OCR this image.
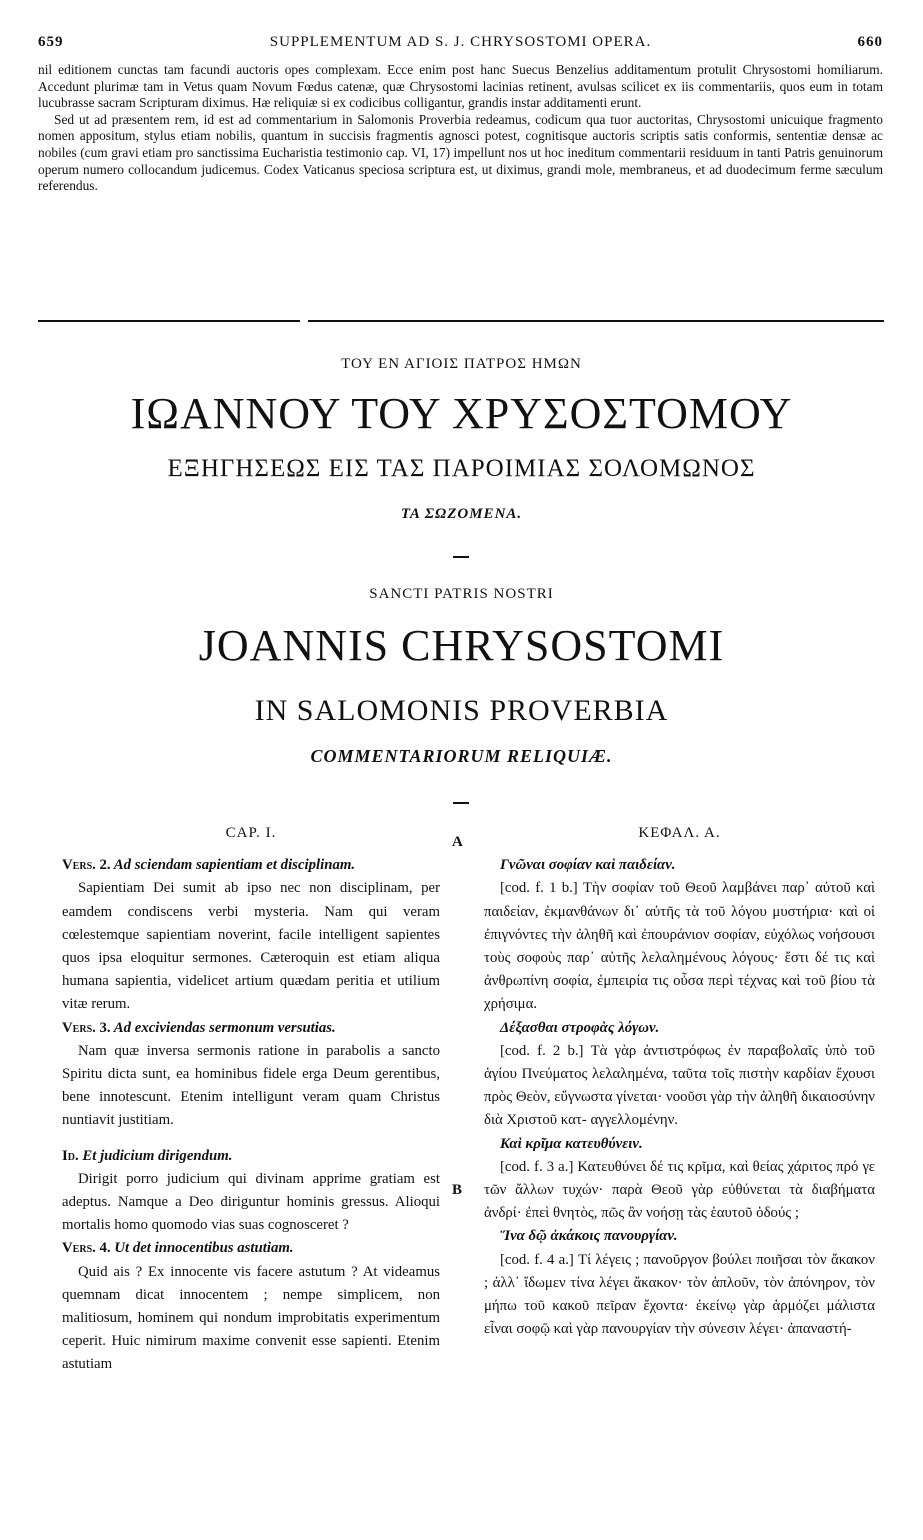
659	SUPPLEMENTUM AD S. J. CHRYSOSTOMI OPERA.	660

nil editionem cunctas tam facundi auctoris opes complexam. Ecce enim post hanc Suecus Benzelius additamentum protulit Chrysostomi homiliarum. Accedunt plurimæ tam in Vetus quam Novum Fœdus catenæ, quæ Chrysostomi lacinias retinent, avulsas scilicet ex iis commentariis, quos eum in totam lucubrasse sacram Scripturam diximus. Hæ reliquiæ si ex codicibus colligantur, grandis instar additamenti erunt.

Sed ut ad præsentem rem, id est ad commentarium in Salomonis Proverbia redeamus, codicum qua tuor auctoritas, Chrysostomi unicuique fragmento nomen appositum, stylus etiam nobilis, quantum in succisis fragmentis agnosci potest, cognitisque auctoris scriptis satis conformis, sententiæ densæ ac nobiles (cum gravi etiam pro sanctissima Eucharistia testimonio cap. VI, 17) impellunt nos ut hoc ineditum commentarii residuum in tanti Patris genuinorum operum numero collocandum judicemus. Codex Vaticanus speciosa scriptura est, ut diximus, grandi mole, membraneus, et ad duodecimum ferme sæculum referendus.

ΤΟΥ ΕΝ ΑΓΙΟΙΣ ΠΑΤΡΟΣ ΗΜΩΝ
ΙΩΑΝΝΟΥ ΤΟΥ ΧΡΥΣΟΣΤΟΜΟΥ
ΕΞΗΓΗΣΕΩΣ ΕΙΣ ΤΑΣ ΠΑΡΟΙΜΙΑΣ ΣΟΛΟΜΩΝΟΣ
ΤΑ ΣΩΖΟΜΕΝΑ.
SANCTI PATRIS NOSTRI
JOANNIS CHRYSOSTOMI
IN SALOMONIS PROVERBIA
COMMENTARIORUM RELIQUIÆ.
CAP. I.

Vers. 2. Ad sciendam sapientiam et disciplinam.

Sapientiam Dei sumit ab ipso nec non disciplinam, per eamdem condiscens verbi mysteria. Nam qui veram cœlestemque sapientiam noverint, facile intelligent sapientes quos ipsa eloquitur sermones. Cæteroquin est etiam aliqua humana sapientia, videlicet artium quædam peritia et utilium vitæ rerum.

Vers. 3. Ad exciviendas sermonum versutias.

Nam quæ inversa sermonis ratione in parabolis a sancto Spiritu dicta sunt, ea hominibus fidele erga Deum gerentibus, bene innotescunt. Etenim intelligunt veram quam Christus nuntiavit justitiam.

Id. Et judicium dirigendum.

Dirigit porro judicium qui divinam apprime gratiam est adeptus. Namque a Deo diriguntur hominis gressus. Alioqui mortalis homo quomodo vias suas cognosceret ?

Vers. 4. Ut det innocentibus astutiam.

Quid ais ? Ex innocente vis facere astutum ? At videamus quemnam dicat innocentem ; nempe simplicem, non malitiosum, hominem qui nondum improbitatis experimentum ceperit. Huic nimirum maxime convenit esse sapienti. Etenim astutiam

A
B
ΚΕΦΑΛ. Α.

Γνῶναι σοφίαν καὶ παιδείαν.

[cod. f. 1 b.] Τὴν σοφίαν τοῦ Θεοῦ λαμβάνει παρ᾽ αὐτοῦ καὶ παιδείαν, ἐκμανθάνων δι᾽ αὐτῆς τὰ τοῦ λόγου μυστήρια· καὶ οἱ ἐπιγνόντες τὴν ἀληθῆ καὶ ἐπουράνιον σοφίαν, εὐχόλως νοήσουσι τοὺς σοφοὺς παρ᾽ αὐτῆς λελαλημένους λόγους· ἔστι δέ τις καὶ ἀνθρωπίνη σοφία, ἐμπειρία τις οὖσα περὶ τέχνας καὶ τοῦ βίου τὰ χρήσιμα.

Δέξασθαι στροφὰς λόγων.

[cod. f. 2 b.] Τὰ γὰρ ἀντιστρόφως ἐν παραβολαῖς ὑπὸ τοῦ ἁγίου Πνεύματος λελαλημένα, ταῦτα τοῖς πιστὴν καρδίαν ἔχουσι πρὸς Θεὸν, εὔγνωστα γίνεται· νοοῦσι γὰρ τὴν ἀληθῆ δικαιοσύνην διὰ Χριστοῦ κατ- αγγελλομένην.

Καὶ κρῖμα κατευθύνειν.

[cod. f. 3 a.] Κατευθύνει δέ τις κρῖμα, καὶ θείας χάριτος πρό γε τῶν ἄλλων τυχών· παρὰ Θεοῦ γὰρ εὐθύνεται τὰ διαβήματα ἀνδρί· ἐπεὶ θνητὸς, πῶς ἂν νοήσῃ τὰς ἑαυτοῦ ὁδούς ;

Ἵνα δῷ ἀκάκοις πανουργίαν.

[cod. f. 4 a.] Τί λέγεις ; πανοῦργον βούλει ποιῆσαι τὸν ἄκακον ; ἀλλ᾽ ἴδωμεν τίνα λέγει ἄκακον· τὸν ἁπλοῦν, τὸν ἀπόνηρον, τὸν μήπω τοῦ κακοῦ πεῖραν ἔχοντα· ἐκείνῳ γὰρ ἁρμόζει μάλιστα εἶναι σοφῷ καὶ γὰρ πανουργίαν τὴν σύνεσιν λέγει· ἀπαναστή-
